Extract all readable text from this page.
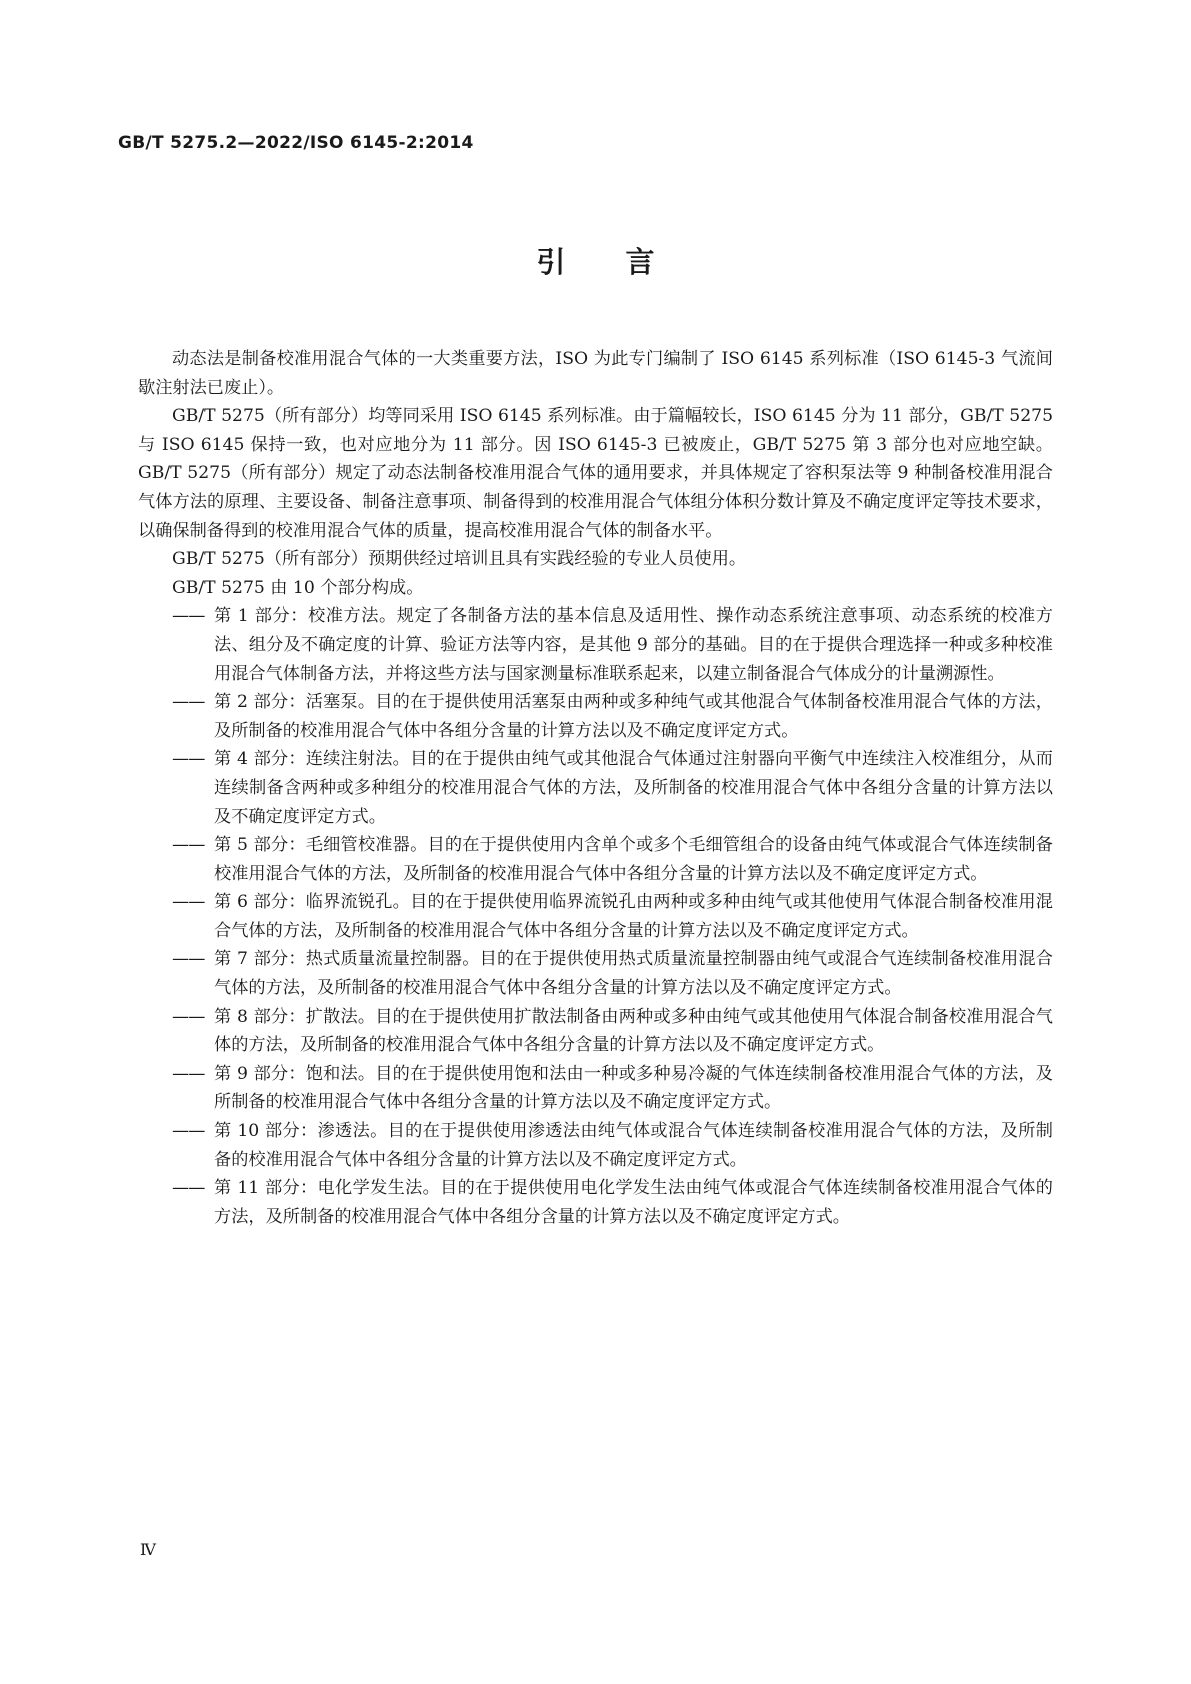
GB/T 5275.2—2022/ISO 6145-2:2014
引 言

动态法是制备校准用混合气体的一大类重要方法，ISO 为此专门编制了 ISO 6145 系列标准（ISO 6145-3 气流间歇注射法已废止）。

GB/T 5275（所有部分）均等同采用 ISO 6145 系列标准。由于篇幅较长，ISO 6145 分为 11 部分，GB/T 5275 与 ISO 6145 保持一致，也对应地分为 11 部分。因 ISO 6145-3 已被废止，GB/T 5275 第 3 部分也对应地空缺。GB/T 5275（所有部分）规定了动态法制备校准用混合气体的通用要求，并具体规定了容积泵法等 9 种制备校准用混合气体方法的原理、主要设备、制备注意事项、制备得到的校准用混合气体组分体积分数计算及不确定度评定等技术要求，以确保制备得到的校准用混合气体的质量，提高校准用混合气体的制备水平。

GB/T 5275（所有部分）预期供经过培训且具有实践经验的专业人员使用。

GB/T 5275 由 10 个部分构成。

—— 第 1 部分：校准方法。规定了各制备方法的基本信息及适用性、操作动态系统注意事项、动态系统的校准方法、组分及不确定度的计算、验证方法等内容，是其他 9 部分的基础。目的在于提供合理选择一种或多种校准用混合气体制备方法，并将这些方法与国家测量标准联系起来，以建立制备混合气体成分的计量溯源性。
—— 第 2 部分：活塞泵。目的在于提供使用活塞泵由两种或多种纯气或其他混合气体制备校准用混合气体的方法，及所制备的校准用混合气体中各组分含量的计算方法以及不确定度评定方式。
—— 第 4 部分：连续注射法。目的在于提供由纯气或其他混合气体通过注射器向平衡气中连续注入校准组分，从而连续制备含两种或多种组分的校准用混合气体的方法，及所制备的校准用混合气体中各组分含量的计算方法以及不确定度评定方式。
—— 第 5 部分：毛细管校准器。目的在于提供使用内含单个或多个毛细管组合的设备由纯气体或混合气体连续制备校准用混合气体的方法，及所制备的校准用混合气体中各组分含量的计算方法以及不确定度评定方式。
—— 第 6 部分：临界流锐孔。目的在于提供使用临界流锐孔由两种或多种由纯气或其他使用气体混合制备校准用混合气体的方法，及所制备的校准用混合气体中各组分含量的计算方法以及不确定度评定方式。
—— 第 7 部分：热式质量流量控制器。目的在于提供使用热式质量流量控制器由纯气或混合气连续制备校准用混合气体的方法，及所制备的校准用混合气体中各组分含量的计算方法以及不确定度评定方式。
—— 第 8 部分：扩散法。目的在于提供使用扩散法制备由两种或多种由纯气或其他使用气体混合制备校准用混合气体的方法，及所制备的校准用混合气体中各组分含量的计算方法以及不确定度评定方式。
—— 第 9 部分：饱和法。目的在于提供使用饱和法由一种或多种易冷凝的气体连续制备校准用混合气体的方法，及所制备的校准用混合气体中各组分含量的计算方法以及不确定度评定方式。
—— 第 10 部分：渗透法。目的在于提供使用渗透法由纯气体或混合气体连续制备校准用混合气体的方法，及所制备的校准用混合气体中各组分含量的计算方法以及不确定度评定方式。
—— 第 11 部分：电化学发生法。目的在于提供使用电化学发生法由纯气体或混合气体连续制备校准用混合气体的方法，及所制备的校准用混合气体中各组分含量的计算方法以及不确定度评定方式。
Ⅳ
